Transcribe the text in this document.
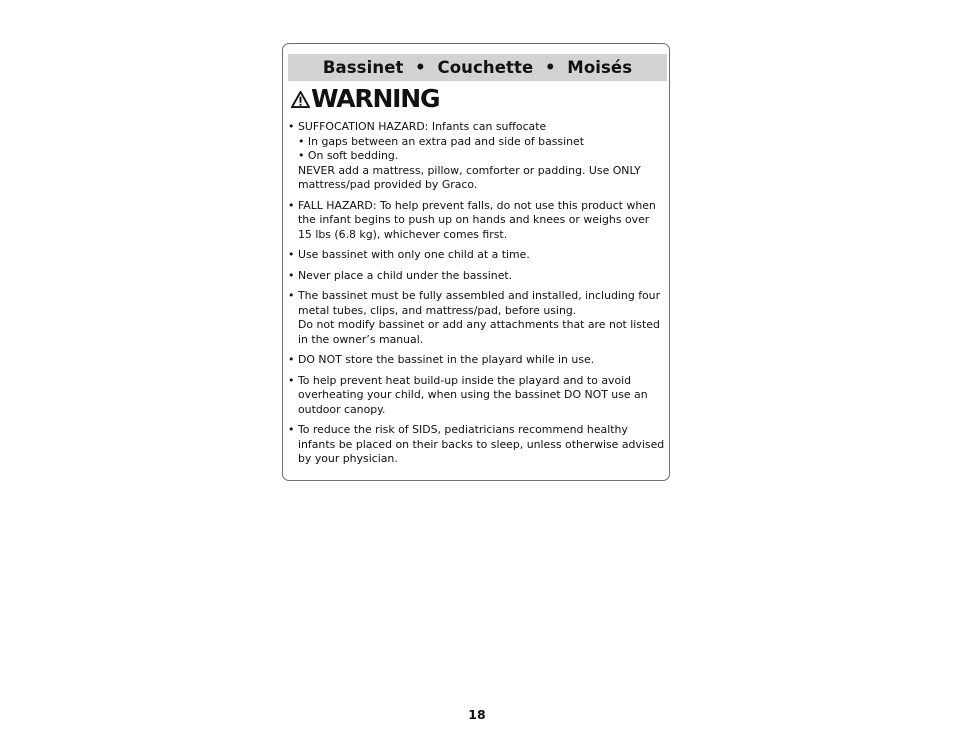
Bassinet  •  Couchette  •  Moisés
WARNING
• SUFFOCATION HAZARD: Infants can suffocate
• In gaps between an extra pad and side of bassinet
• On soft bedding.
NEVER add a mattress, pillow, comforter or padding. Use ONLY
mattress/pad provided by Graco.
• FALL HAZARD: To help prevent falls, do not use this product when
the infant begins to push up on hands and knees or weighs over
15 lbs (6.8 kg), whichever comes first.
• Use bassinet with only one child at a time.
• Never place a child under the bassinet.
• The bassinet must be fully assembled and installed, including four
metal tubes, clips, and mattress/pad, before using.
Do not modify bassinet or add any attachments that are not listed
in the owner’s manual.
• DO NOT store the bassinet in the playard while in use.
• To help prevent heat build-up inside the playard and to avoid
overheating your child, when using the bassinet DO NOT use an
outdoor canopy.
• To reduce the risk of SIDS, pediatricians recommend healthy
infants be placed on their backs to sleep, unless otherwise advised
by your physician.
18
